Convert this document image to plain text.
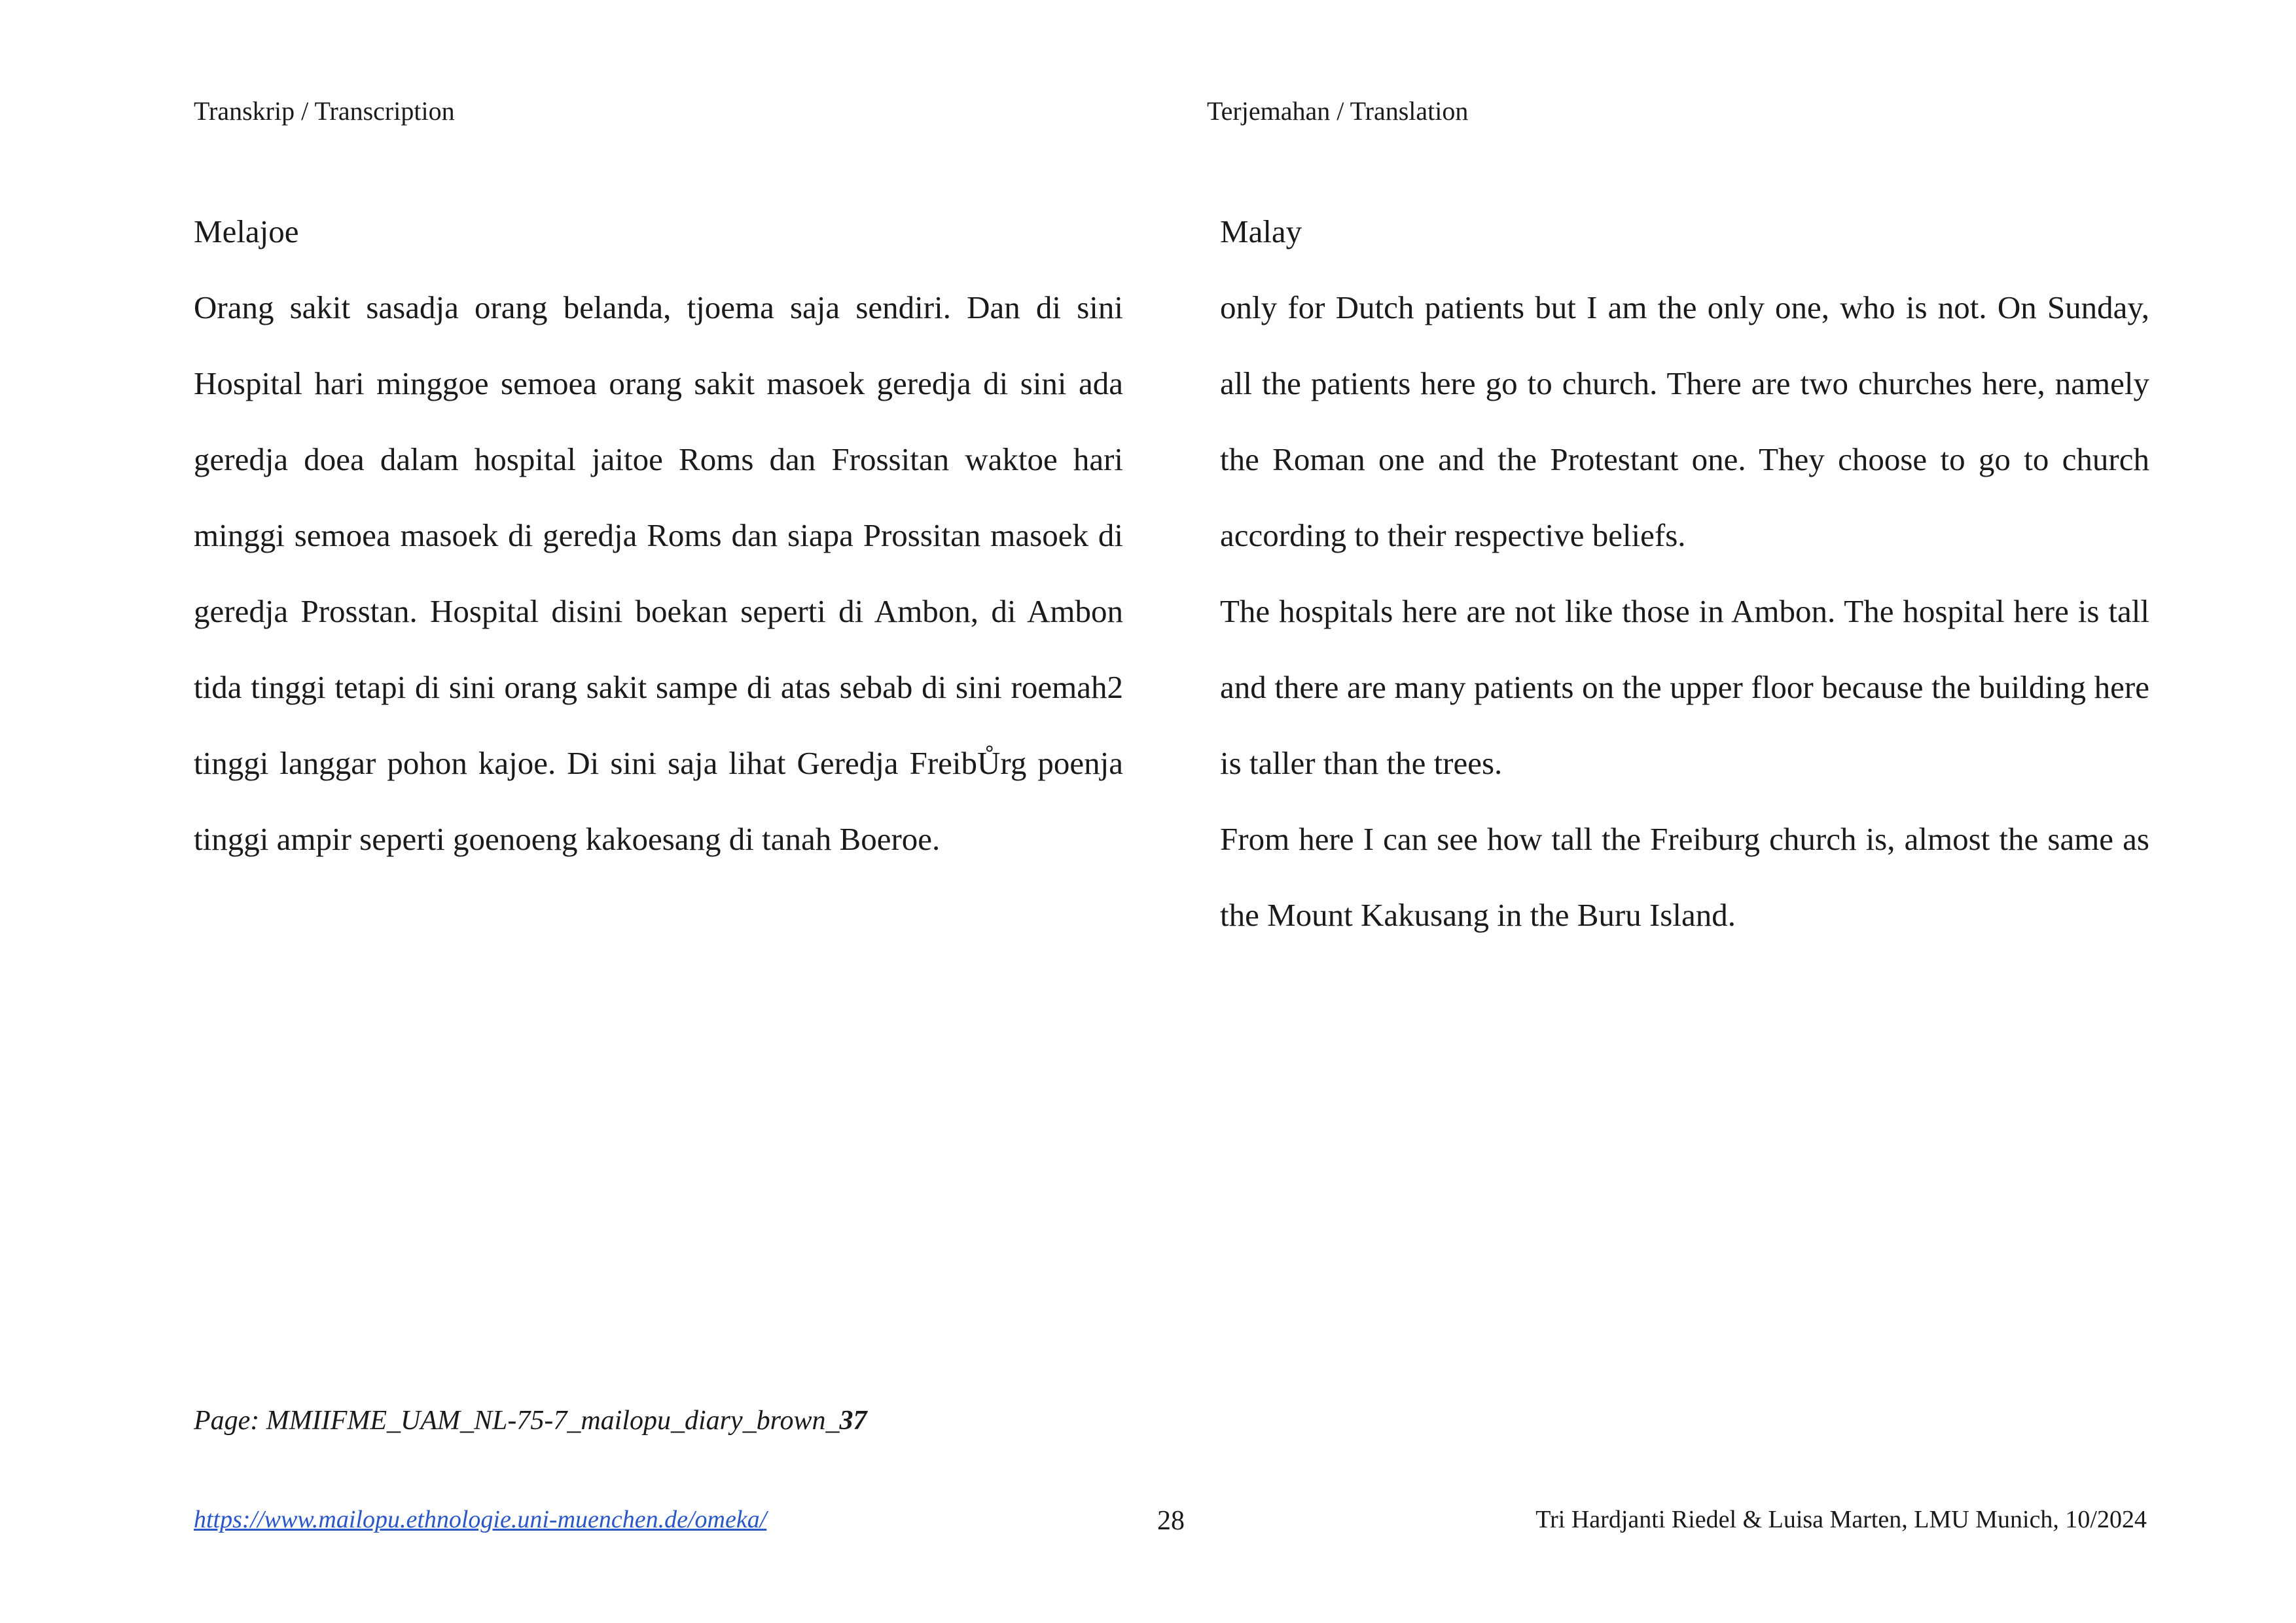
Transkrip / Transcription	Terjemahan / Translation

Melajoe

Orang sakit sasadja orang belanda, tjoema saja sendiri. Dan di sini Hospital hari minggoe semoea orang sakit masoek geredja di sini ada geredja doea dalam hospital jaitoe Roms dan Frossitan waktoe hari minggi semoea masoek di geredja Roms dan siapa Prossitan masoek di geredja Prosstan. Hospital disini boekan seperti di Ambon, di Ambon tida tinggi tetapi di sini orang sakit sampe di atas sebab di sini roemah2 tinggi langgar pohon kajoe. Di sini saja lihat Geredja FreibŮrg poenja tinggi ampir seperti goenoeng kakoesang di tanah Boeroe.

Malay

only for Dutch patients but I am the only one, who is not. On Sunday, all the patients here go to church. There are two churches here, namely the Roman one and the Protestant one. They choose to go to church according to their respective beliefs.

The hospitals here are not like those in Ambon. The hospital here is tall and there are many patients on the upper floor because the building here is taller than the trees.

From here I can see how tall the Freiburg church is, almost the same as the Mount Kakusang in the Buru Island.

Page: MMIIFME_UAM_NL-75-7_mailopu_diary_brown_37
https://www.mailopu.ethnologie.uni-muenchen.de/omeka/	28	Tri Hardjanti Riedel & Luisa Marten, LMU Munich, 10/2024
